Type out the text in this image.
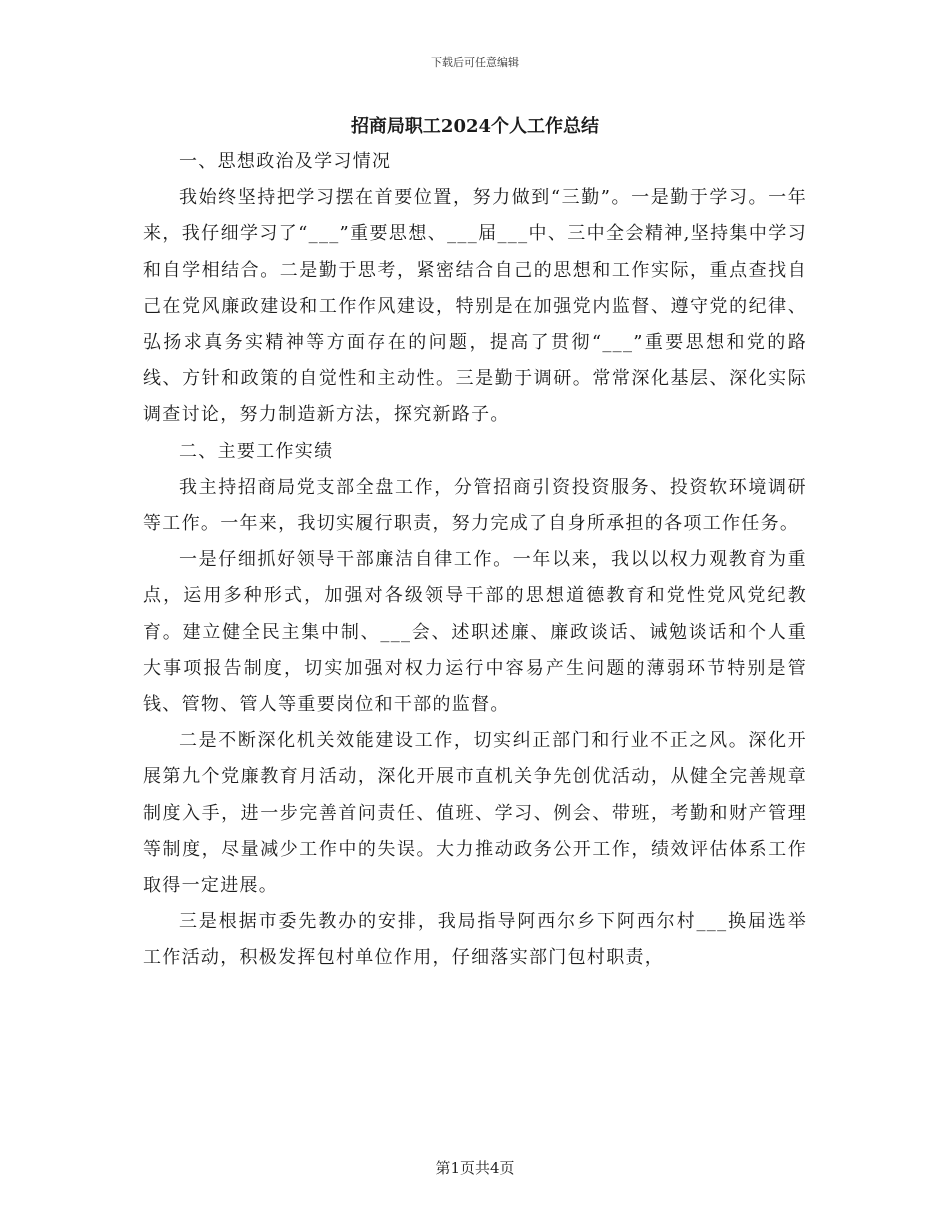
下载后可任意编辑
招商局职工2024个人工作总结

一、思想政治及学习情况

我始终坚持把学习摆在首要位置，努力做到“三勤”。一是勤于学习。一年来，我仔细学习了“___”重要思想、___届___中、三中全会精神,坚持集中学习和自学相结合。二是勤于思考，紧密结合自己的思想和工作实际，重点查找自己在党风廉政建设和工作作风建设，特别是在加强党内监督、遵守党的纪律、弘扬求真务实精神等方面存在的问题，提高了贯彻“___”重要思想和党的路线、方针和政策的自觉性和主动性。三是勤于调研。常常深化基层、深化实际调查讨论，努力制造新方法，探究新路子。

二、主要工作实绩

我主持招商局党支部全盘工作，分管招商引资投资服务、投资软环境调研等工作。一年来，我切实履行职责，努力完成了自身所承担的各项工作任务。

一是仔细抓好领导干部廉洁自律工作。一年以来，我以以权力观教育为重点，运用多种形式，加强对各级领导干部的思想道德教育和党性党风党纪教育。建立健全民主集中制、___会、述职述廉、廉政谈话、诫勉谈话和个人重大事项报告制度，切实加强对权力运行中容易产生问题的薄弱环节特别是管钱、管物、管人等重要岗位和干部的监督。

二是不断深化机关效能建设工作，切实纠正部门和行业不正之风。深化开展第九个党廉教育月活动，深化开展市直机关争先创优活动，从健全完善规章制度入手，进一步完善首问责任、值班、学习、例会、带班，考勤和财产管理等制度，尽量减少工作中的失误。大力推动政务公开工作，绩效评估体系工作取得一定进展。

三是根据市委先教办的安排，我局指导阿西尔乡下阿西尔村___换届选举工作活动，积极发挥包村单位作用，仔细落实部门包村职责，

第1页共4页
